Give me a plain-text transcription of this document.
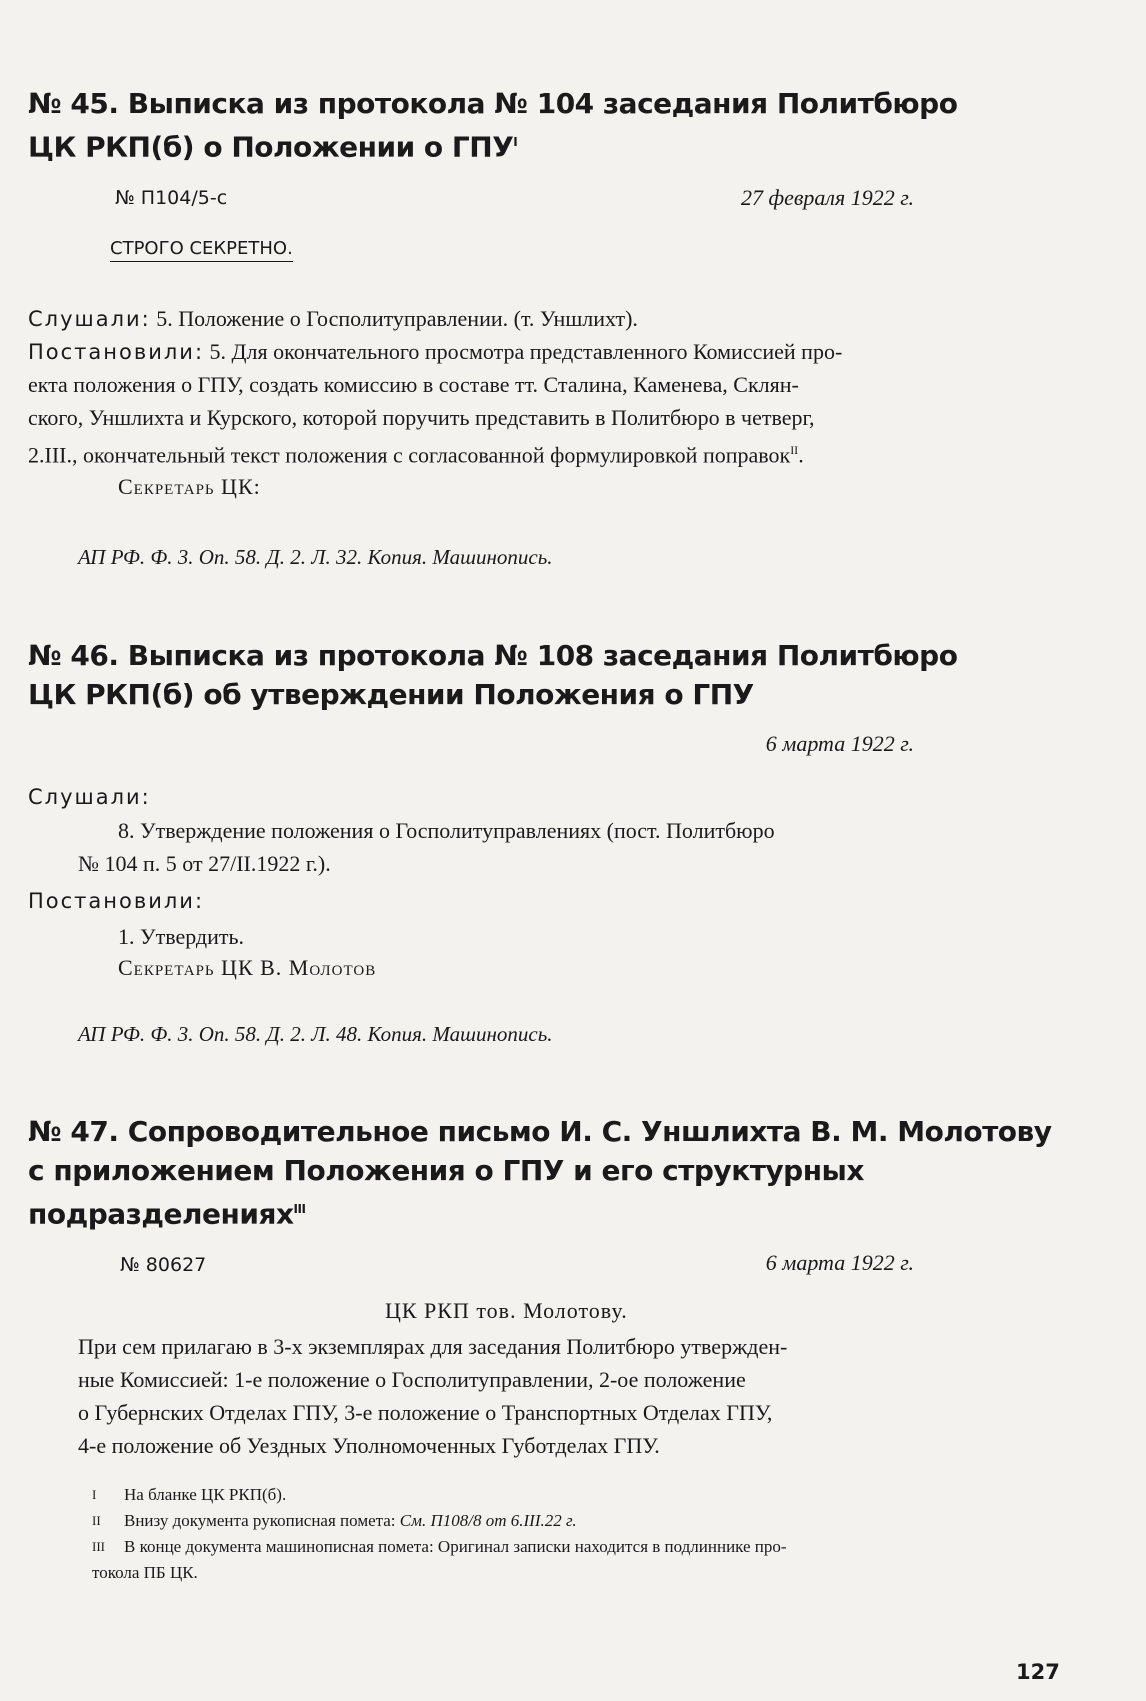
№ 45. Выписка из протокола № 104 заседания Политбюро
ЦК РКП(б) о Положении о $ГПУ^I$
№ П104/5-с	27 февраля 1922 г.
СТРОГО СЕКРЕТНО.
Слушали: 5. Положение о Госполитуправлении. (т. Уншлихт).
Постановили: 5. Для окончательного просмотра представленного Комиссией про-
екта положения о ГПУ, создать комиссию в составе тт. Сталина, Каменева, Склян-
ского, Уншлихта и Курского, которой поручить представить в Политбюро в четверг,
2.III., окончательный текст положения с согласованной формулировкой поправок$^{II}$.
Секретарь ЦК:
АП РФ. Ф. 3. Оп. 58. Д. 2. Л. 32. Копия. Машинопись.
№ 46. Выписка из протокола № 108 заседания Политбюро
ЦК РКП(б) об утверждении Положения о ГПУ
6 марта 1922 г.
Слушали:
8. Утверждение положения о Госполитуправлениях (пост. Политбюро
№ 104 п. 5 от 27/II.1922 г.).
Постановили:
1. Утвердить.
Секретарь ЦК В. Молотов
АП РФ. Ф. 3. Оп. 58. Д. 2. Л. 48. Копия. Машинопись.
№ 47. Сопроводительное письмо И. С. Уншлихта В. М. Молотову
с приложением Положения о ГПУ и его структурных
подразделениях$^{III}$
№ 80627	6 марта 1922 г.
ЦК РКП тов. Молотову.
При сем прилагаю в 3-х экземплярах для заседания Политбюро утвержден-
ные Комиссией: 1-е положение о Госполитуправлении, 2-ое положение
о Губернских Отделах ГПУ, 3-е положение о Транспортных Отделах ГПУ,
4-е положение об Уездных Уполномоченных Губотделах ГПУ.
I На бланке ЦК РКП(б).
II Внизу документа рукописная помета: См. П108/8 от 6.III.22 г.
III В конце документа машинописная помета: Оригинал записки находится в подлиннике про-
токола ПБ ЦК.
127
